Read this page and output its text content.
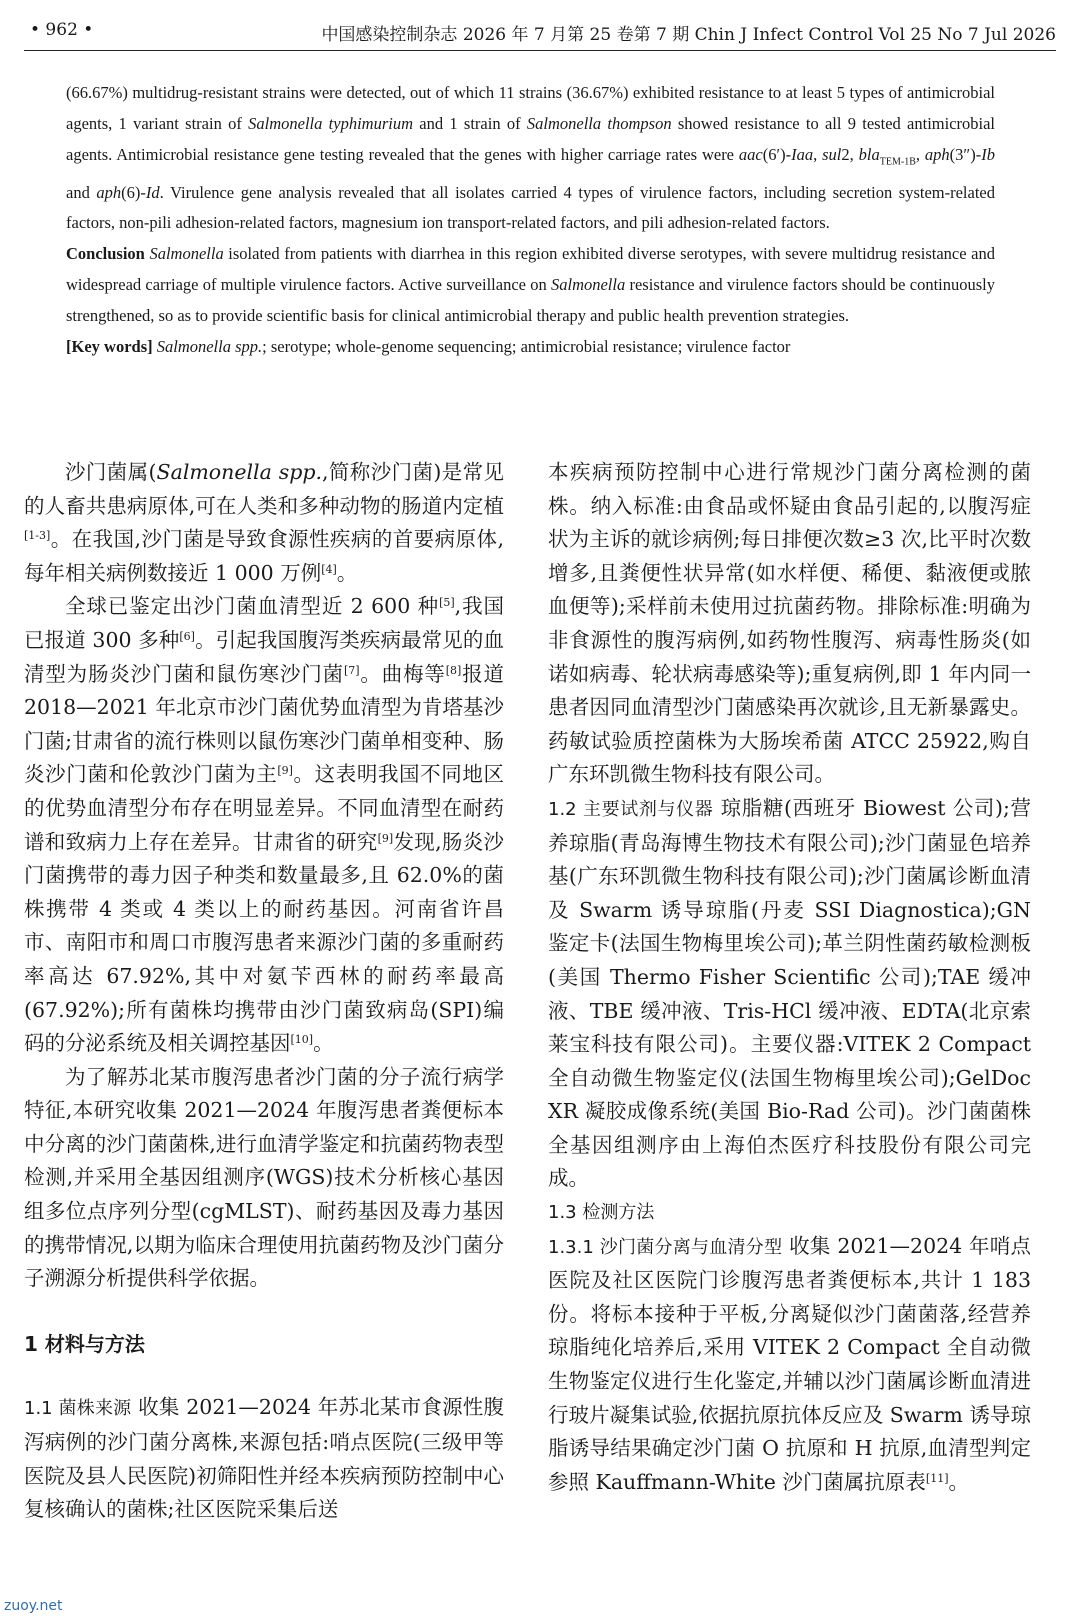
• 962 •	中国感染控制杂志 2026 年 7 月第 25 卷第 7 期 Chin J Infect Control Vol 25 No 7 Jul 2026

(66.67%) multidrug-resistant strains were detected, out of which 11 strains (36.67%) exhibited resistance to at least 5 types of antimicrobial agents, 1 variant strain of Salmonella typhimurium and 1 strain of Salmonella thompson showed resistance to all 9 tested antimicrobial agents. Antimicrobial resistance gene testing revealed that the genes with higher carriage rates were aac(6′)-Iaa, sul2, bla$_{TEM-1B}$, aph(3″)-Ib and aph(6)-Id. Virulence gene analysis revealed that all isolates carried 4 types of virulence factors, including secretion system-related factors, non-pili adhesion-related factors, magnesium ion transport-related factors, and pili adhesion-related factors.

Conclusion Salmonella isolated from patients with diarrhea in this region exhibited diverse serotypes, with severe multidrug resistance and widespread carriage of multiple virulence factors. Active surveillance on Salmonella resistance and virulence factors should be continuously strengthened, so as to provide scientific basis for clinical antimicrobial therapy and public health prevention strategies.

[Key words] Salmonella spp.; serotype; whole-genome sequencing; antimicrobial resistance; virulence factor

沙门菌属(Salmonella spp.,简称沙门菌)是常见的人畜共患病原体,可在人类和多种动物的肠道内定植[1-3]。在我国,沙门菌是导致食源性疾病的首要病原体,每年相关病例数接近 1 000 万例[4]。

全球已鉴定出沙门菌血清型近 2 600 种[5],我国已报道 300 多种[6]。引起我国腹泻类疾病最常见的血清型为肠炎沙门菌和鼠伤寒沙门菌[7]。曲梅等[8]报道 2018—2021 年北京市沙门菌优势血清型为肯塔基沙门菌;甘肃省的流行株则以鼠伤寒沙门菌单相变种、肠炎沙门菌和伦敦沙门菌为主[9]。这表明我国不同地区的优势血清型分布存在明显差异。不同血清型在耐药谱和致病力上存在差异。甘肃省的研究[9]发现,肠炎沙门菌携带的毒力因子种类和数量最多,且 62.0%的菌株携带 4 类或 4 类以上的耐药基因。河南省许昌市、南阳市和周口市腹泻患者来源沙门菌的多重耐药率高达 67.92%,其中对氨苄西林的耐药率最高(67.92%);所有菌株均携带由沙门菌致病岛(SPI)编码的分泌系统及相关调控基因[10]。

为了解苏北某市腹泻患者沙门菌的分子流行病学特征,本研究收集 2021—2024 年腹泻患者粪便标本中分离的沙门菌菌株,进行血清学鉴定和抗菌药物表型检测,并采用全基因组测序(WGS)技术分析核心基因组多位点序列分型(cgMLST)、耐药基因及毒力基因的携带情况,以期为临床合理使用抗菌药物及沙门菌分子溯源分析提供科学依据。

1 材料与方法

1.1 菌株来源 收集 2021—2024 年苏北某市食源性腹泻病例的沙门菌分离株,来源包括:哨点医院(三级甲等医院及县人民医院)初筛阳性并经本疾病预防控制中心复核确认的菌株;社区医院采集后送

本疾病预防控制中心进行常规沙门菌分离检测的菌株。纳入标准:由食品或怀疑由食品引起的,以腹泻症状为主诉的就诊病例;每日排便次数≥3 次,比平时次数增多,且粪便性状异常(如水样便、稀便、黏液便或脓血便等);采样前未使用过抗菌药物。排除标准:明确为非食源性的腹泻病例,如药物性腹泻、病毒性肠炎(如诺如病毒、轮状病毒感染等);重复病例,即 1 年内同一患者因同血清型沙门菌感染再次就诊,且无新暴露史。药敏试验质控菌株为大肠埃希菌 ATCC 25922,购自广东环凯微生物科技有限公司。

1.2 主要试剂与仪器 琼脂糖(西班牙 Biowest 公司);营养琼脂(青岛海博生物技术有限公司);沙门菌显色培养基(广东环凯微生物科技有限公司);沙门菌属诊断血清及 Swarm 诱导琼脂(丹麦 SSI Diagnostica);GN 鉴定卡(法国生物梅里埃公司);革兰阴性菌药敏检测板(美国 Thermo Fisher Scientific 公司);TAE 缓冲液、TBE 缓冲液、Tris-HCl 缓冲液、EDTA(北京索莱宝科技有限公司)。主要仪器:VITEK 2 Compact 全自动微生物鉴定仪(法国生物梅里埃公司);GelDoc XR 凝胶成像系统(美国 Bio-Rad 公司)。沙门菌菌株全基因组测序由上海伯杰医疗科技股份有限公司完成。

1.3 检测方法

1.3.1 沙门菌分离与血清分型 收集 2021—2024 年哨点医院及社区医院门诊腹泻患者粪便标本,共计 1 183 份。将标本接种于平板,分离疑似沙门菌菌落,经营养琼脂纯化培养后,采用 VITEK 2 Compact 全自动微生物鉴定仪进行生化鉴定,并辅以沙门菌属诊断血清进行玻片凝集试验,依据抗原抗体反应及 Swarm 诱导琼脂诱导结果确定沙门菌 O 抗原和 H 抗原,血清型判定参照 Kauffmann-White 沙门菌属抗原表[11]。

zuoy.net
